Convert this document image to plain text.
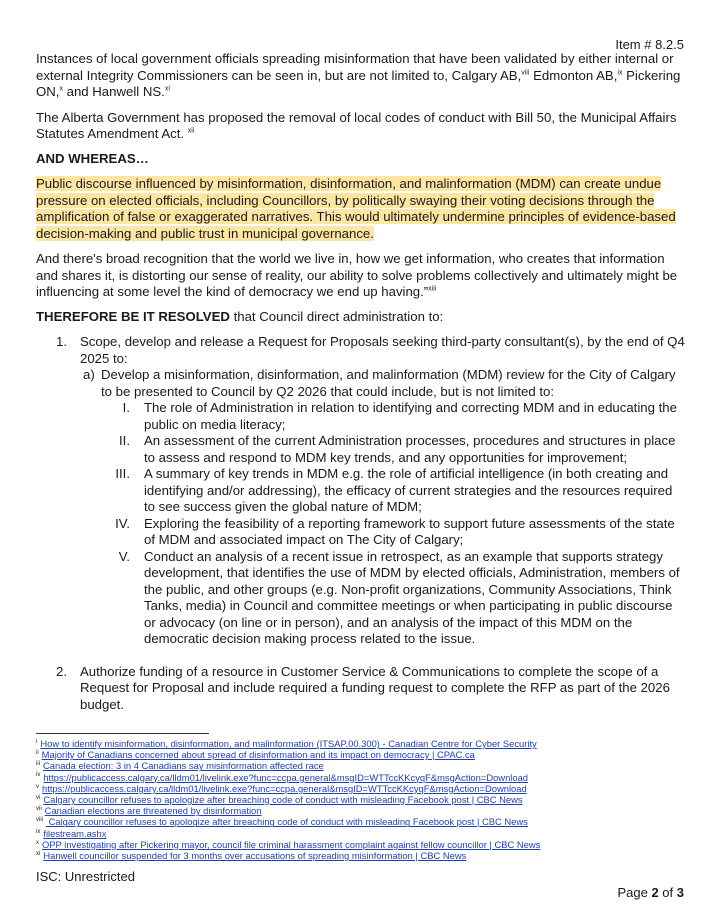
Item # 8.2.5

Instances of local government officials spreading misinformation that have been validated by either internal or external Integrity Commissioners can be seen in, but are not limited to, Calgary AB,$^{viii}$ Edmonton AB,$^{ix}$ Pickering ON,$^x$ and Hanwell NS.$^{xi}$

The Alberta Government has proposed the removal of local codes of conduct with Bill 50, the Municipal Affairs Statutes Amendment Act. $^{xii}$

AND WHEREAS…

Public discourse influenced by misinformation, disinformation, and malinformation (MDM) can create undue pressure on elected officials, including Councillors, by politically swaying their voting decisions through the amplification of false or exaggerated narratives. This would ultimately undermine principles of evidence-based decision-making and public trust in municipal governance.

And there's broad recognition that the world we live in, how we get information, who creates that information and shares it, is distorting our sense of reality, our ability to solve problems collectively and ultimately might be influencing at some level the kind of democracy we end up having.”$^{xiii}$

THEREFORE BE IT RESOLVED that Council direct administration to:

1. Scope, develop and release a Request for Proposals seeking third-party consultant(s), by the end of Q4 2025 to:
a) Develop a misinformation, disinformation, and malinformation (MDM) review for the City of Calgary to be presented to Council by Q2 2026 that could include, but is not limited to:
I. The role of Administration in relation to identifying and correcting MDM and in educating the public on media literacy;
II. An assessment of the current Administration processes, procedures and structures in place to assess and respond to MDM key trends, and any opportunities for improvement;
III. A summary of key trends in MDM e.g. the role of artificial intelligence (in both creating and identifying and/or addressing), the efficacy of current strategies and the resources required to see success given the global nature of MDM;
IV. Exploring the feasibility of a reporting framework to support future assessments of the state of MDM and associated impact on The City of Calgary;
V. Conduct an analysis of a recent issue in retrospect, as an example that supports strategy development, that identifies the use of MDM by elected officials, Administration, members of the public, and other groups (e.g. Non-profit organizations, Community Associations, Think Tanks, media) in Council and committee meetings or when participating in public discourse or advocacy (on line or in person), and an analysis of the impact of this MDM on the democratic decision making process related to the issue.
2. Authorize funding of a resource in Customer Service & Communications to complete the scope of a Request for Proposal and include required a funding request to complete the RFP as part of the 2026 budget.
$^i$ How to identify misinformation, disinformation, and malinformation (ITSAP.00.300) - Canadian Centre for Cyber Security
$^{ii}$ Majority of Canadians concerned about spread of disinformation and its impact on democracy | CPAC.ca
$^{iii}$ Canada election: 3 in 4 Canadians say misinformation affected race
$^{iv}$ https://publicaccess.calgary.ca/lldm01/livelink.exe?func=ccpa.general&msgID=WTTccKKcyqF&msgAction=Download
$^v$ https://publicaccess.calgary.ca/lldm01/livelink.exe?func=ccpa.general&msgID=WTTccKKcyqF&msgAction=Download
$^{vi}$ Calgary councillor refuses to apologize after breaching code of conduct with misleading Facebook post | CBC News
$^{vii}$ Canadian elections are threatened by disinformation
$^{viii}$ Calgary councillor refuses to apologize after breaching code of conduct with misleading Facebook post | CBC News
$^{ix}$ filestream.ashx
$^x$ OPP investigating after Pickering mayor, council file criminal harassment complaint against fellow councillor | CBC News
$^{xi}$ Hanwell councillor suspended for 3 months over accusations of spreading misinformation | CBC News
ISC: Unrestricted
Page 2 of 3
